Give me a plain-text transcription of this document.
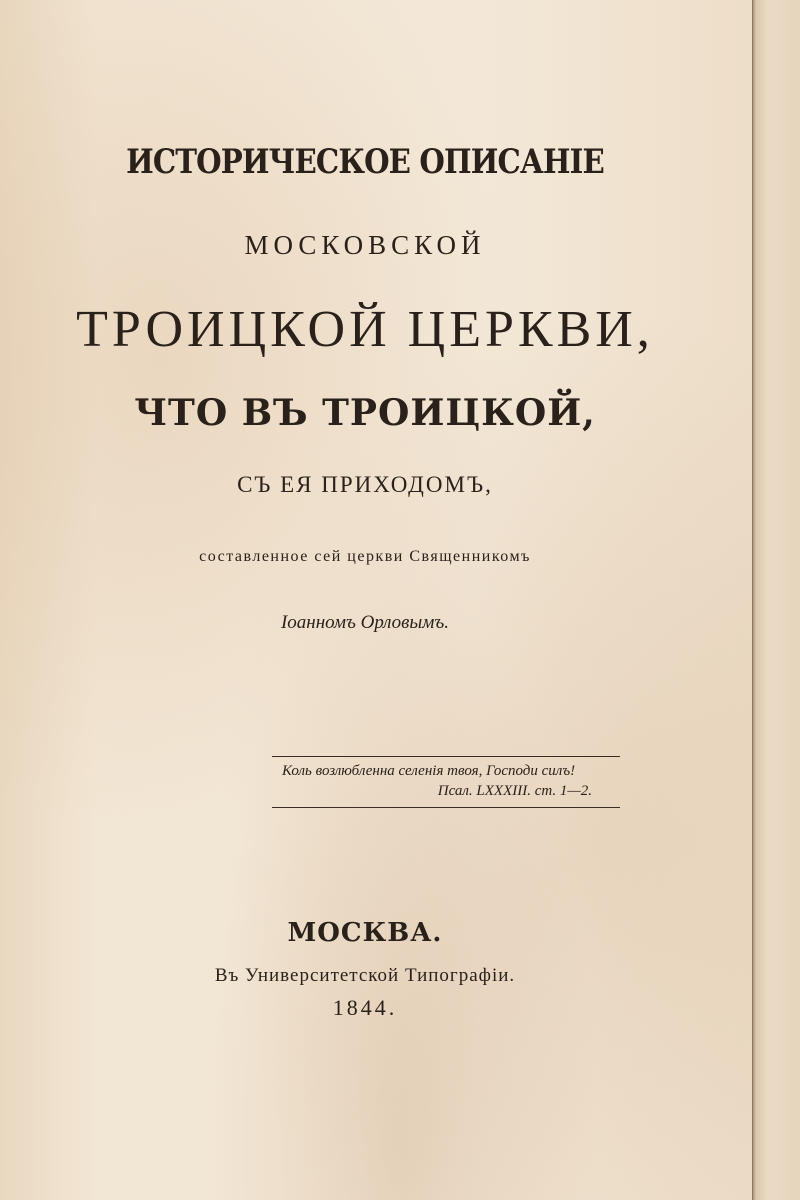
ИСТОРИЧЕСКОЕ ОПИСАНІЕ
МОСКОВСКОЙ
ТРОИЦКОЙ ЦЕРКВИ,
ЧТО ВЪ ТРОИЦКОЙ,
СЪ ЕЯ ПРИХОДОМЪ,
составленное сей церкви Священникомъ
Іоанномъ Орловымъ.
Коль возлюбленна селенія твоя, Господи силъ!
Псал. LXXXIII. ст. 1—2.
МОСКВА.
Въ Университетской Типографіи.
1844.
